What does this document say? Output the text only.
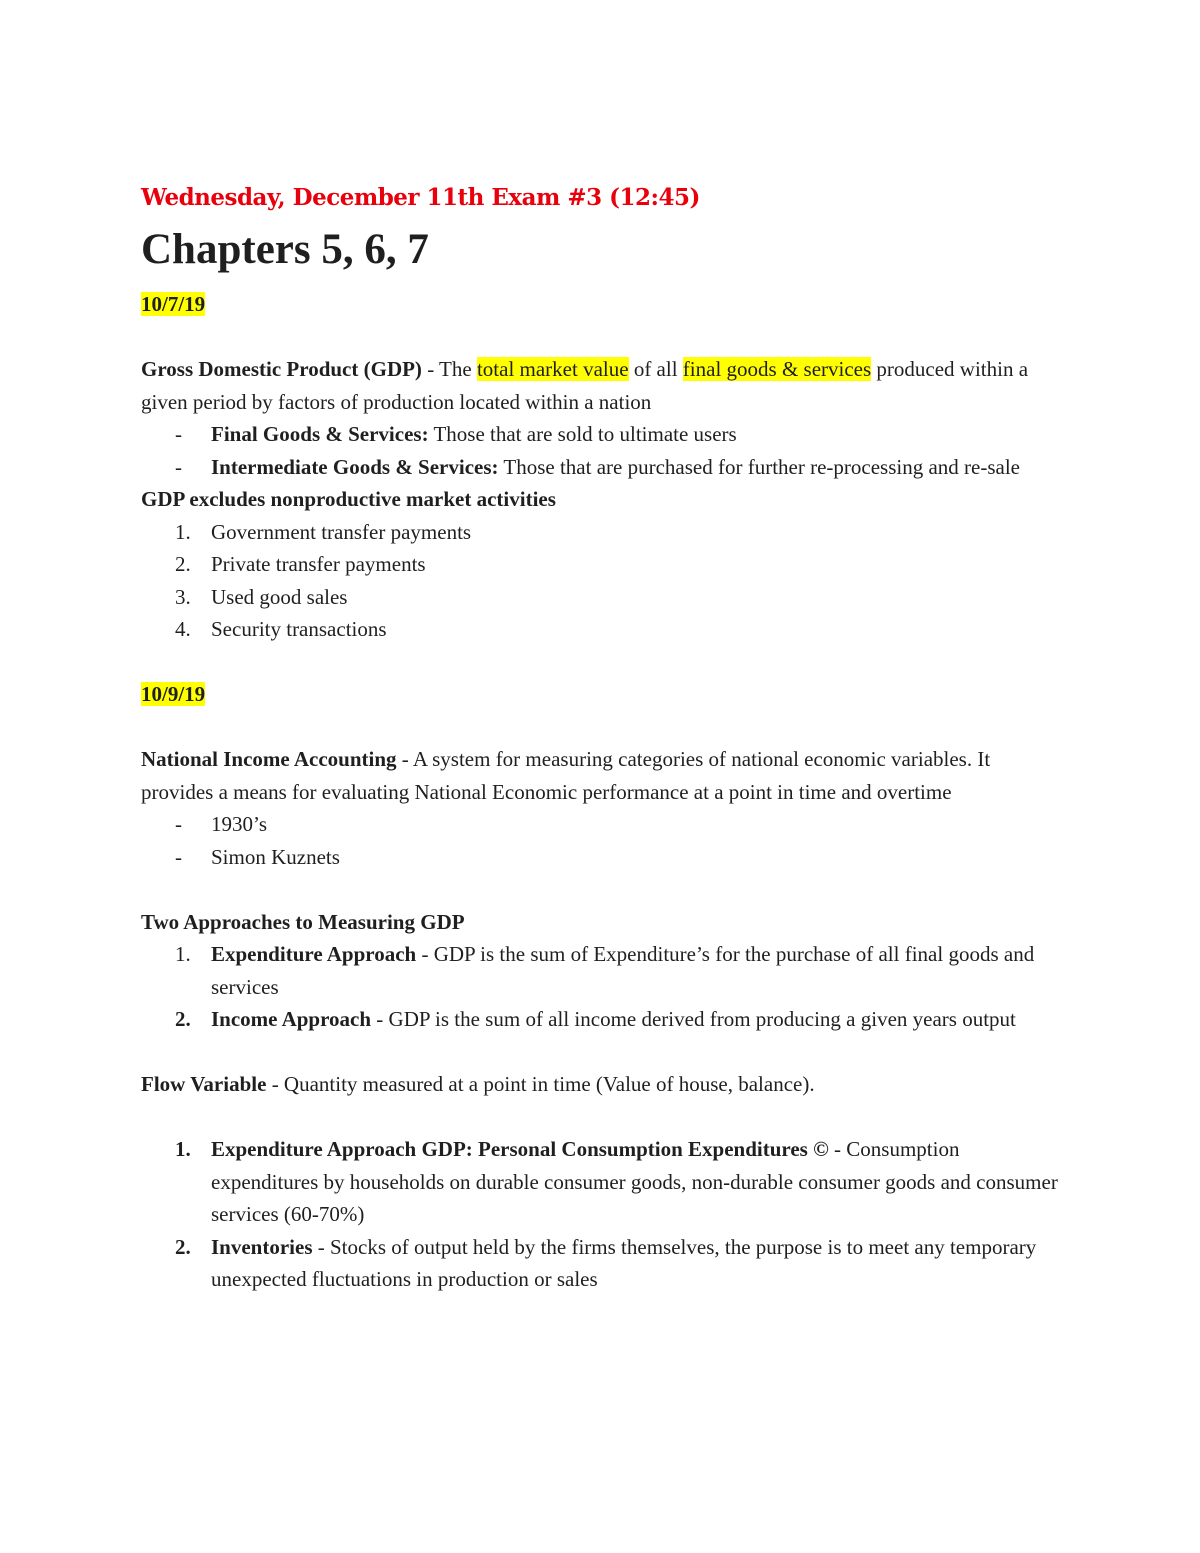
Wednesday, December 11th Exam #3 (12:45)
Chapters 5, 6, 7

10/7/19

Gross Domestic Product (GDP) - The total market value of all final goods & services produced within a given period by factors of production located within a nation

- Final Goods & Services: Those that are sold to ultimate users
- Intermediate Goods & Services: Those that are purchased for further re-processing and re-sale

GDP excludes nonproductive market activities

1. Government transfer payments
2. Private transfer payments
3. Used good sales
4. Security transactions

10/9/19

National Income Accounting - A system for measuring categories of national economic variables. It provides a means for evaluating National Economic performance at a point in time and overtime

- 1930’s
- Simon Kuznets

Two Approaches to Measuring GDP

1. Expenditure Approach - GDP is the sum of Expenditure’s for the purchase of all final goods and services
2. Income Approach - GDP is the sum of all income derived from producing a given years output

Flow Variable - Quantity measured at a point in time (Value of house, balance).

1. Expenditure Approach GDP: Personal Consumption Expenditures © - Consumption expenditures by households on durable consumer goods, non-durable consumer goods and consumer services (60-70%)
2. Inventories - Stocks of output held by the firms themselves, the purpose is to meet any temporary unexpected fluctuations in production or sales
